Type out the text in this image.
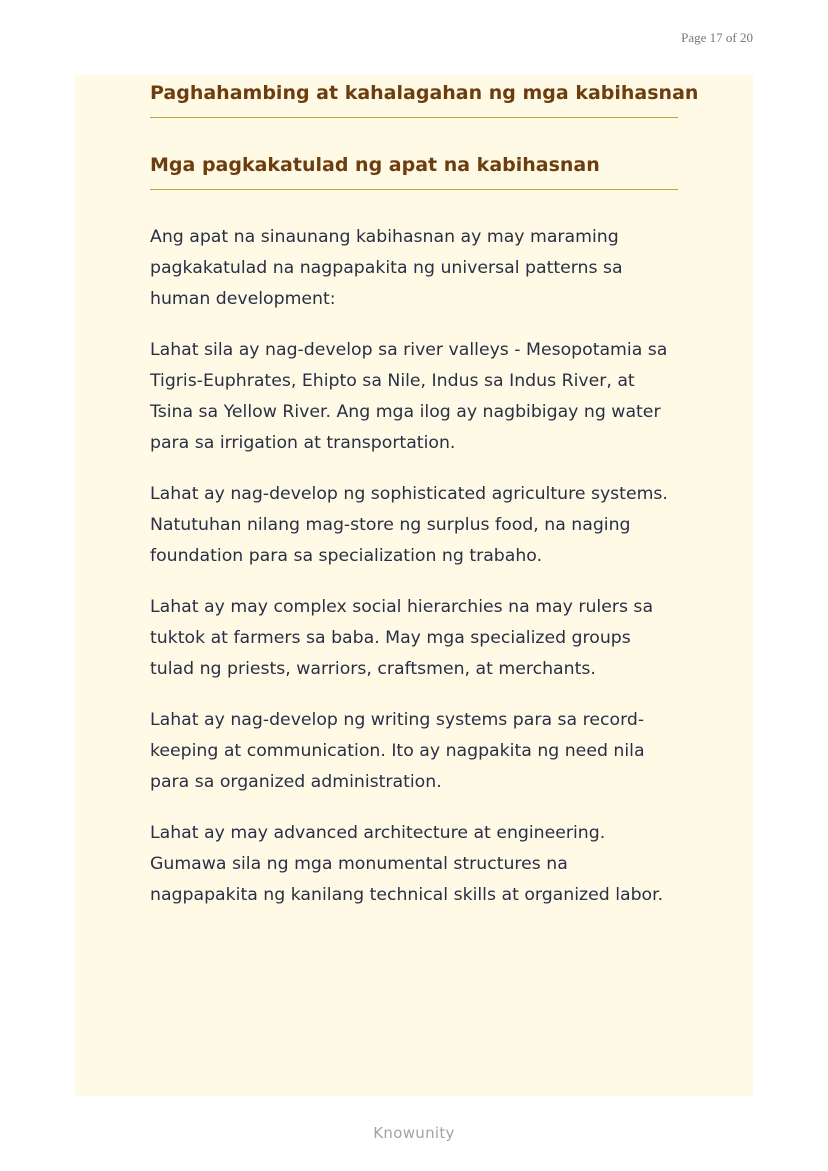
Page 17 of 20
Paghahambing at kahalagahan ng mga kabihasnan
Mga pagkakatulad ng apat na kabihasnan

Ang apat na sinaunang kabihasnan ay may maraming pagkakatulad na nagpapakita ng universal patterns sa human development:

Lahat sila ay nag-develop sa river valleys - Mesopotamia sa Tigris-Euphrates, Ehipto sa Nile, Indus sa Indus River, at Tsina sa Yellow River. Ang mga ilog ay nagbibigay ng water para sa irrigation at transportation.

Lahat ay nag-develop ng sophisticated agriculture systems. Natutuhan nilang mag-store ng surplus food, na naging foundation para sa specialization ng trabaho.

Lahat ay may complex social hierarchies na may rulers sa tuktok at farmers sa baba. May mga specialized groups tulad ng priests, warriors, craftsmen, at merchants.

Lahat ay nag-develop ng writing systems para sa record-keeping at communication. Ito ay nagpakita ng need nila para sa organized administration.

Lahat ay may advanced architecture at engineering. Gumawa sila ng mga monumental structures na nagpapakita ng kanilang technical skills at organized labor.

Knowunity
